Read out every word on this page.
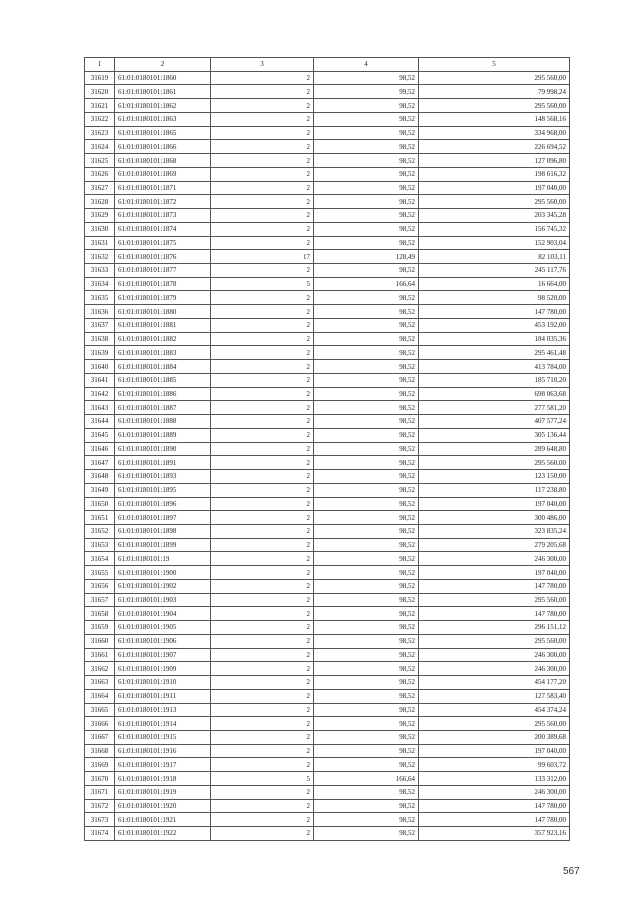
1	2	3	4	5
31619	61:01:0180101:1860	2	98,52	295 560,00
31620	61:01:0180101:1861	2	99,52	79 998,24
31621	61:01:0180101:1862	2	98,52	295 560,00
31622	61:01:0180101:1863	2	98,52	148 568,16
31623	61:01:0180101:1865	2	98,52	334 968,00
31624	61:01:0180101:1866	2	98,52	226 694,52
31625	61:01:0180101:1868	2	98,52	127 096,80
31626	61:01:0180101:1869	2	98,52	198 616,32
31627	61:01:0180101:1871	2	98,52	197 040,00
31628	61:01:0180101:1872	2	98,52	295 560,00
31629	61:01:0180101:1873	2	98,52	203 345,28
31630	61:01:0180101:1874	2	98,52	156 745,32
31631	61:01:0180101:1875	2	98,52	152 903,04
31632	61:01:0180101:1876	17	128,49	82 103,11
31633	61:01:0180101:1877	2	98,52	245 117,76
31634	61:01:0180101:1878	5	166,64	16 664,00
31635	61:01:0180101:1879	2	98,52	98 520,00
31636	61:01:0180101:1880	2	98,52	147 780,00
31637	61:01:0180101:1881	2	98,52	453 192,00
31638	61:01:0180101:1882	2	98,52	184 035,36
31639	61:01:0180101:1883	2	98,52	295 461,48
31640	61:01:0180101:1884	2	98,52	413 784,00
31641	61:01:0180101:1885	2	98,52	185 710,20
31642	61:01:0180101:1886	2	98,52	698 063,68
31643	61:01:0180101:1887	2	98,52	277 581,20
31644	61:01:0180101:1888	2	98,52	407 577,24
31645	61:01:0180101:1889	2	98,52	305 136,44
31646	61:01:0180101:1890	2	98,52	289 648,80
31647	61:01:0180101:1891	2	98,52	295 560,00
31648	61:01:0180101:1893	2	98,52	123 150,00
31649	61:01:0180101:1895	2	98,52	117 238,80
31650	61:01:0180101:1896	2	98,52	197 040,00
31651	61:01:0180101:1897	2	98,52	300 486,00
31652	61:01:0180101:1898	2	98,52	323 835,24
31653	61:01:0180101:1899	2	98,52	279 205,68
31654	61:01:0180101:19	2	98,52	246 300,00
31655	61:01:0180101:1900	2	98,52	197 040,00
31656	61:01:0180101:1902	2	98,52	147 780,00
31657	61:01:0180101:1903	2	98,52	295 560,00
31658	61:01:0180101:1904	2	98,52	147 780,00
31659	61:01:0180101:1905	2	98,52	296 151,12
31660	61:01:0180101:1906	2	98,52	295 560,00
31661	61:01:0180101:1907	2	98,52	246 300,00
31662	61:01:0180101:1909	2	98,52	246 300,00
31663	61:01:0180101:1910	2	98,52	454 177,20
31664	61:01:0180101:1911	2	98,52	127 583,40
31665	61:01:0180101:1913	2	98,52	454 374,24
31666	61:01:0180101:1914	2	98,52	295 560,00
31667	61:01:0180101:1915	2	98,52	200 389,68
31668	61:01:0180101:1916	2	98,52	197 040,00
31669	61:01:0180101:1917	2	98,52	99 603,72
31670	61:01:0180101:1918	5	166,64	133 312,00
31671	61:01:0180101:1919	2	98,52	246 300,00
31672	61:01:0180101:1920	2	98,52	147 780,00
31673	61:01:0180101:1921	2	98,52	147 780,00
31674	61:01:0180101:1922	2	98,52	357 923,16
567
